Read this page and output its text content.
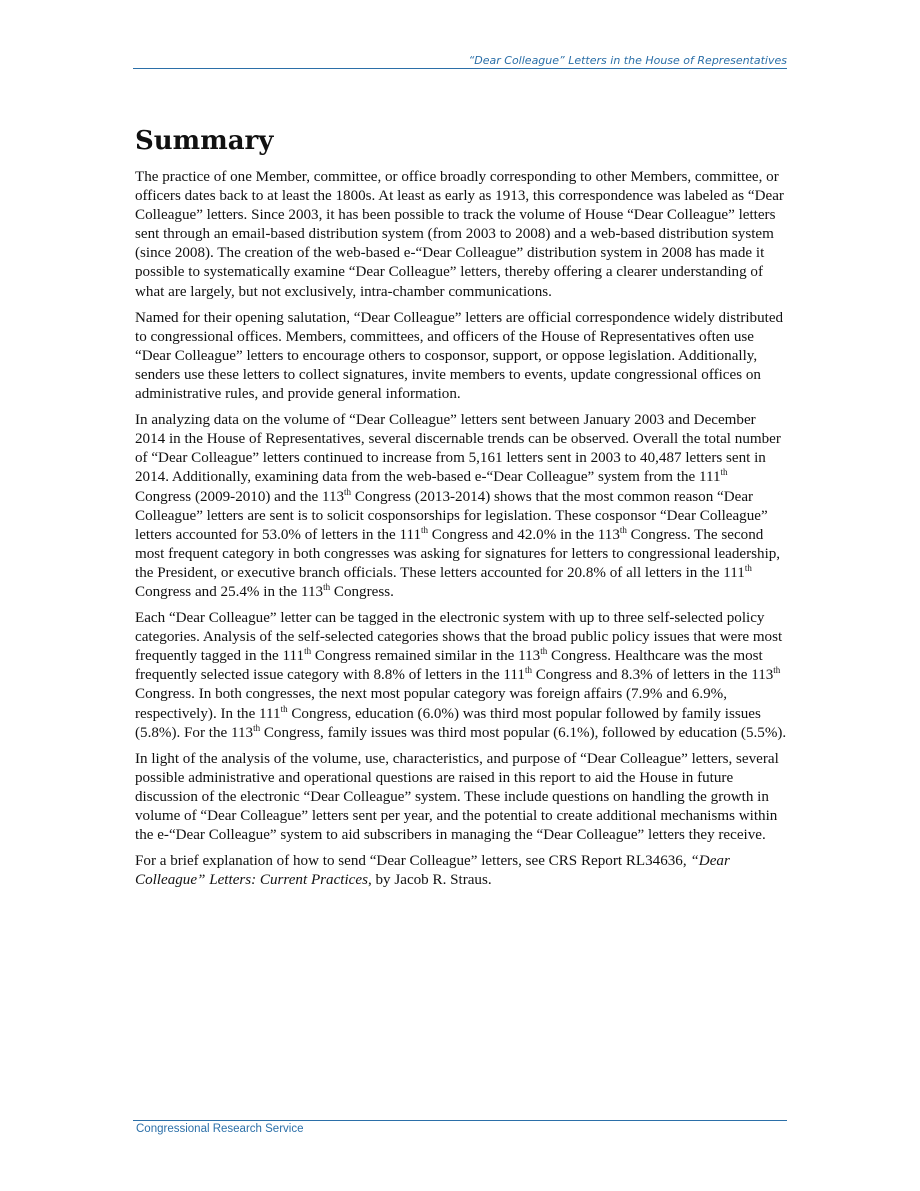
“Dear Colleague” Letters in the House of Representatives
Summary

The practice of one Member, committee, or office broadly corresponding to other Members, committee, or officers dates back to at least the 1800s. At least as early as 1913, this correspondence was labeled as “Dear Colleague” letters. Since 2003, it has been possible to track the volume of House “Dear Colleague” letters sent through an email-based distribution system (from 2003 to 2008) and a web-based distribution system (since 2008). The creation of the web-based e-“Dear Colleague” distribution system in 2008 has made it possible to systematically examine “Dear Colleague” letters, thereby offering a clearer understanding of what are largely, but not exclusively, intra-chamber communications.

Named for their opening salutation, “Dear Colleague” letters are official correspondence widely distributed to congressional offices. Members, committees, and officers of the House of Representatives often use “Dear Colleague” letters to encourage others to cosponsor, support, or oppose legislation. Additionally, senders use these letters to collect signatures, invite members to events, update congressional offices on administrative rules, and provide general information.

In analyzing data on the volume of “Dear Colleague” letters sent between January 2003 and December 2014 in the House of Representatives, several discernable trends can be observed. Overall the total number of “Dear Colleague” letters continued to increase from 5,161 letters sent in 2003 to 40,487 letters sent in 2014. Additionally, examining data from the web-based e-“Dear Colleague” system from the 111th Congress (2009-2010) and the 113th Congress (2013-2014) shows that the most common reason “Dear Colleague” letters are sent is to solicit cosponsorships for legislation. These cosponsor “Dear Colleague” letters accounted for 53.0% of letters in the 111th Congress and 42.0% in the 113th Congress. The second most frequent category in both congresses was asking for signatures for letters to congressional leadership, the President, or executive branch officials. These letters accounted for 20.8% of all letters in the 111th Congress and 25.4% in the 113th Congress.

Each “Dear Colleague” letter can be tagged in the electronic system with up to three self-selected policy categories. Analysis of the self-selected categories shows that the broad public policy issues that were most frequently tagged in the 111th Congress remained similar in the 113th Congress. Healthcare was the most frequently selected issue category with 8.8% of letters in the 111th Congress and 8.3% of letters in the 113th Congress. In both congresses, the next most popular category was foreign affairs (7.9% and 6.9%, respectively). In the 111th Congress, education (6.0%) was third most popular followed by family issues (5.8%). For the 113th Congress, family issues was third most popular (6.1%), followed by education (5.5%).

In light of the analysis of the volume, use, characteristics, and purpose of “Dear Colleague” letters, several possible administrative and operational questions are raised in this report to aid the House in future discussion of the electronic “Dear Colleague” system. These include questions on handling the growth in volume of “Dear Colleague” letters sent per year, and the potential to create additional mechanisms within the e-“Dear Colleague” system to aid subscribers in managing the “Dear Colleague” letters they receive.

For a brief explanation of how to send “Dear Colleague” letters, see CRS Report RL34636, “Dear Colleague” Letters: Current Practices, by Jacob R. Straus.

Congressional Research Service
